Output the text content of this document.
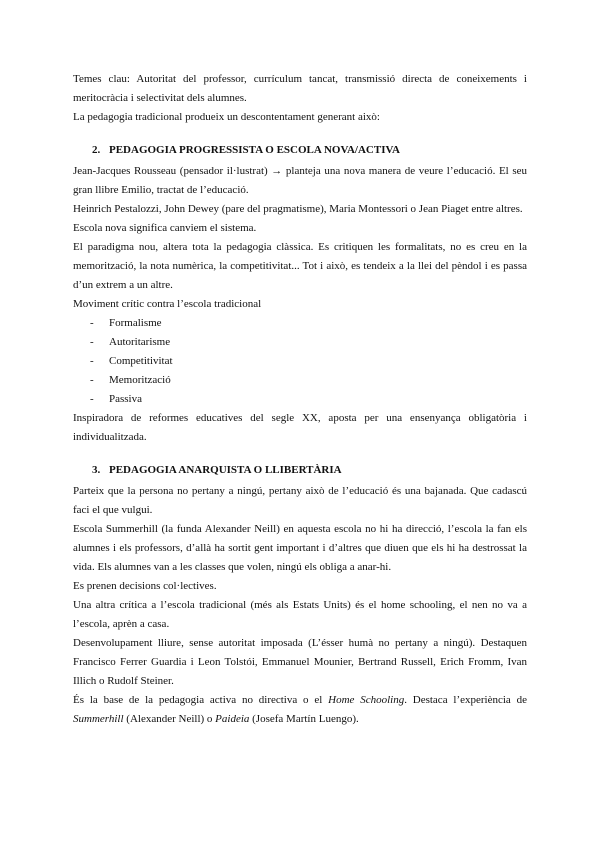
Temes clau: Autoritat del professor, currículum tancat, transmissió directa de coneixements i meritocràcia i selectivitat dels alumnes.

La pedagogia tradicional produeix un descontentament generant això:

2. PEDAGOGIA PROGRESSISTA O ESCOLA NOVA/ACTIVA

Jean-Jacques Rousseau (pensador il·lustrat) → planteja una nova manera de veure l’educació. El seu gran llibre Emilio, tractat de l’educació.

Heinrich Pestalozzi, John Dewey (pare del pragmatisme), Maria Montessori o Jean Piaget entre altres.

Escola nova significa canviem el sistema.

El paradigma nou, altera tota la pedagogia clàssica. Es critiquen les formalitats, no es creu en la memorització, la nota numèrica, la competitivitat... Tot i això, es tendeix a la llei del pèndol i es passa d’un extrem a un altre.

Moviment crític contra l’escola tradicional

- Formalisme
- Autoritarisme
- Competitivitat
- Memorització
- Passiva

Inspiradora de reformes educatives del segle XX, aposta per una ensenyança obligatòria i individualitzada.

3. PEDAGOGIA ANARQUISTA O LLIBERTÀRIA

Parteix que la persona no pertany a ningú, pertany això de l’educació és una bajanada. Que cadascú faci el que vulgui.

Escola Summerhill (la funda Alexander Neill) en aquesta escola no hi ha direcció, l’escola la fan els alumnes i els professors, d’allà ha sortit gent important i d’altres que diuen que els hi ha destrossat la vida. Els alumnes van a les classes que volen, ningú els obliga a anar-hi.

Es prenen decisions col·lectives.

Una altra crítica a l’escola tradicional (més als Estats Units) és el home schooling, el nen no va a l’escola, aprèn a casa.

Desenvolupament lliure, sense autoritat imposada (L’ésser humà no pertany a ningú). Destaquen Francisco Ferrer Guardia i Leon Tolstói, Emmanuel Mounier, Bertrand Russell, Erich Fromm, Ivan Illich o Rudolf Steiner.

És la base de la pedagogia activa no directiva o el Home Schooling. Destaca l’experiència de Summerhill (Alexander Neill) o Paideia (Josefa Martín Luengo).
